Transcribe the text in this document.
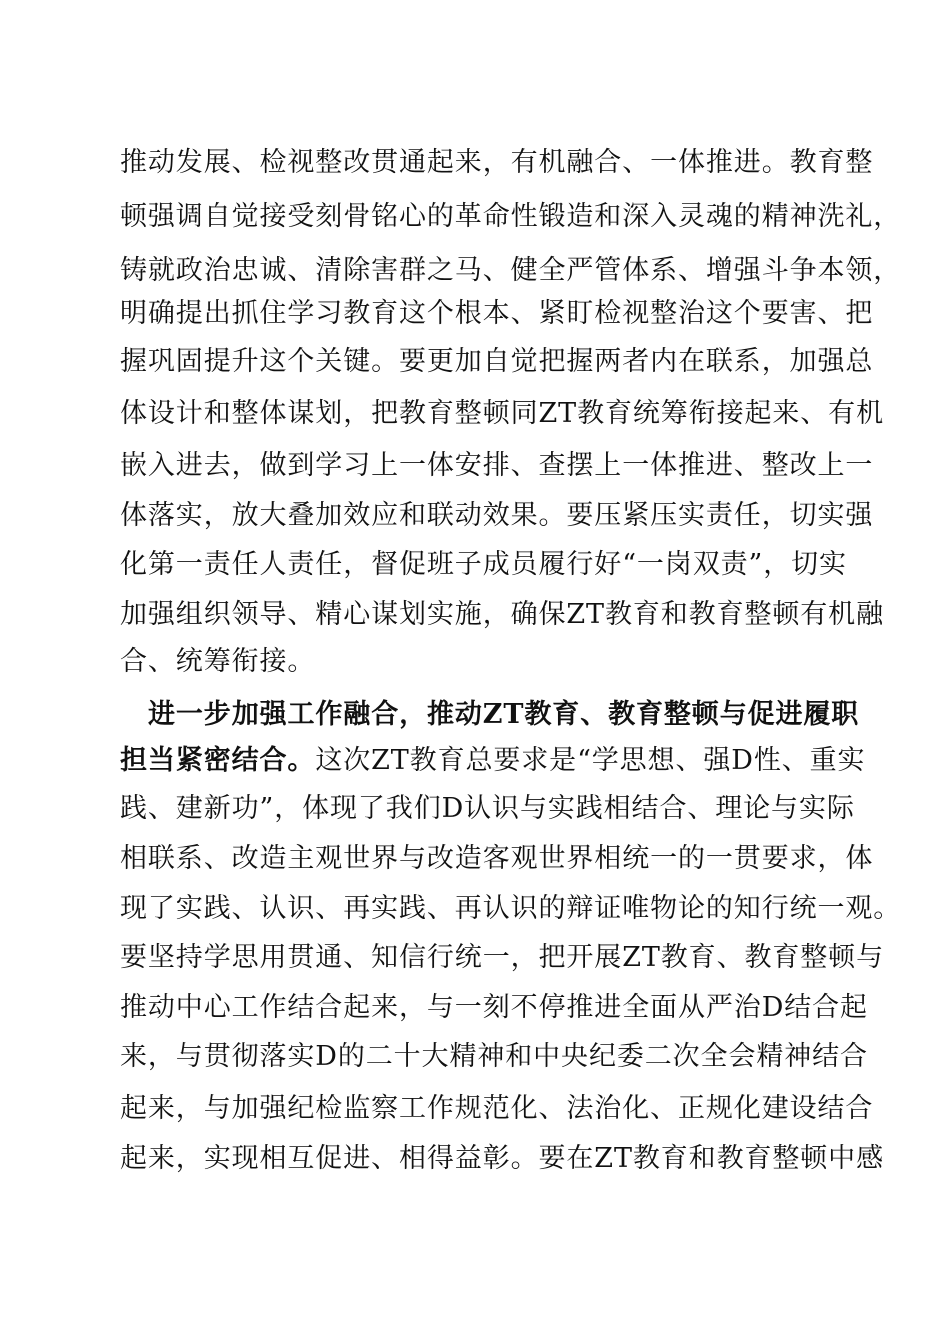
推动发展、检视整改贯通起来，有机融合、一体推进。教育整
顿强调自觉接受刻骨铭心的革命性锻造和深入灵魂的精神洗礼，
铸就政治忠诚、清除害群之马、健全严管体系、增强斗争本领，
明确提出抓住学习教育这个根本、紧盯检视整治这个要害、把
握巩固提升这个关键。要更加自觉把握两者内在联系，加强总
体设计和整体谋划，把教育整顿同ZT教育统筹衔接起来、有机
嵌入进去，做到学习上一体安排、查摆上一体推进、整改上一
体落实，放大叠加效应和联动效果。要压紧压实责任，切实强
化第一责任人责任，督促班子成员履行好“一岗双责”，切实
加强组织领导、精心谋划实施，确保ZT教育和教育整顿有机融
合、统筹衔接。
进一步加强工作融合，推动ZT教育、教育整顿与促进履职
担当紧密结合。这次ZT教育总要求是“学思想、强D性、重实
践、建新功”，体现了我们D认识与实践相结合、理论与实际
相联系、改造主观世界与改造客观世界相统一的一贯要求，体
现了实践、认识、再实践、再认识的辩证唯物论的知行统一观。
要坚持学思用贯通、知信行统一，把开展ZT教育、教育整顿与
推动中心工作结合起来，与一刻不停推进全面从严治D结合起
来，与贯彻落实D的二十大精神和中央纪委二次全会精神结合
起来，与加强纪检监察工作规范化、法治化、正规化建设结合
起来，实现相互促进、相得益彰。要在ZT教育和教育整顿中感
